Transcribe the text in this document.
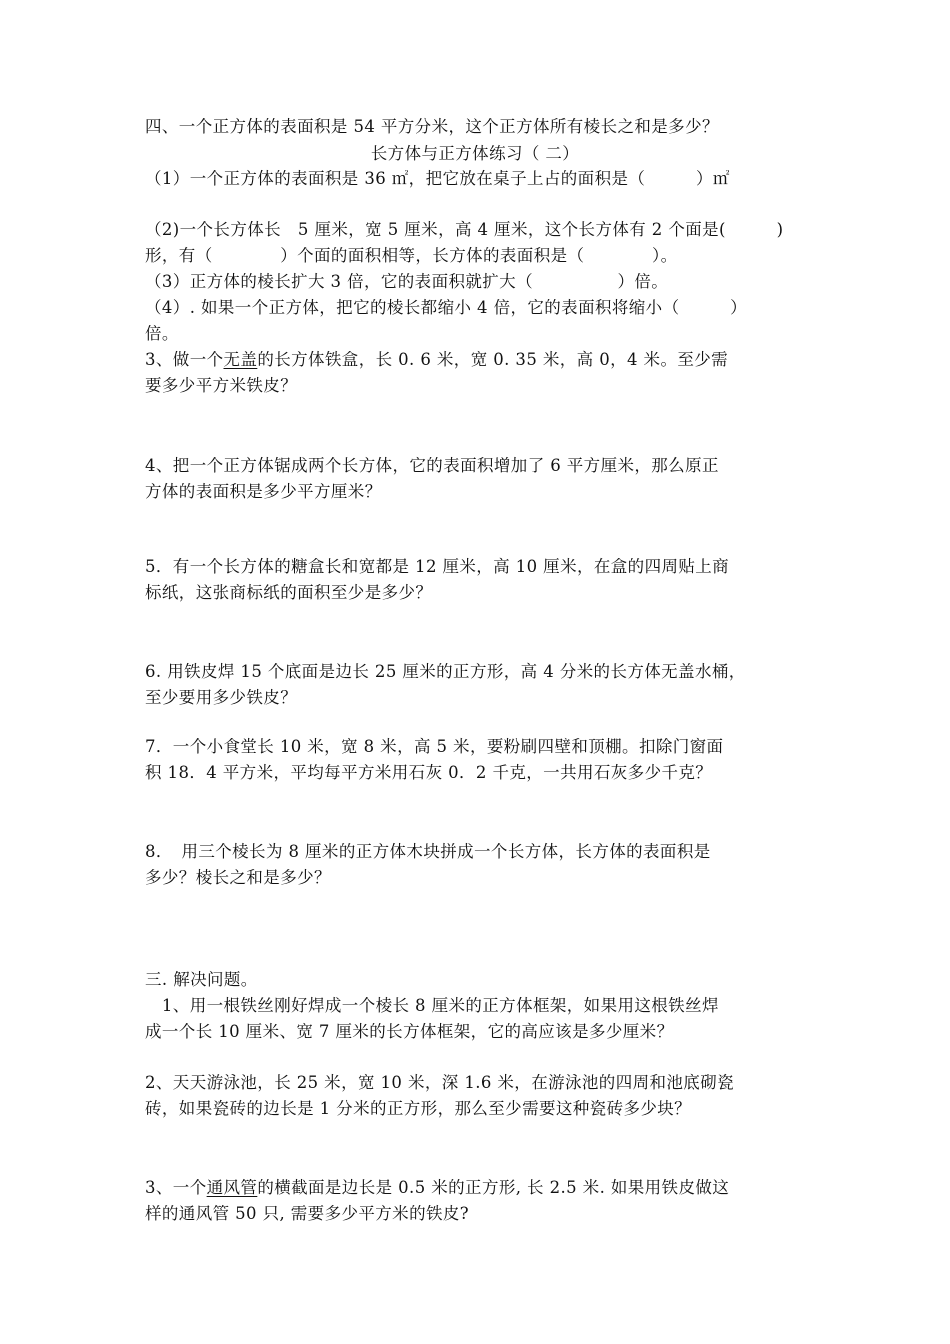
四、一个正方体的表面积是 54 平方分米，这个正方体所有棱长之和是多少？
长方体与正方体练习（ 二）
（1）一个正方体的表面积是 36 ㎡，把它放在桌子上占的面积是（　　　）㎡
（2)一个长方体长　5 厘米，宽 5 厘米，高 4 厘米，这个长方体有 2 个面是(　　　)
形，有（　　　　）个面的面积相等，长方体的表面积是（　　　　）。
（3）正方体的棱长扩大 3 倍，它的表面积就扩大（　　　　　）倍。
（4）. 如果一个正方体，把它的棱长都缩小 4 倍，它的表面积将缩小（　　　）
倍。
3、做一个无盖的长方体铁盒，长 0. 6 米，宽 0. 35 米，高 0，4 米。至少需
要多少平方米铁皮？
4、把一个正方体锯成两个长方体，它的表面积增加了 6 平方厘米，那么原正
方体的表面积是多少平方厘米？
5．有一个长方体的糖盒长和宽都是 12 厘米，高 10 厘米，在盒的四周贴上商
标纸，这张商标纸的面积至少是多少？
6. 用铁皮焊 15 个底面是边长 25 厘米的正方形，高 4 分米的长方体无盖水桶，
至少要用多少铁皮？
7．一个小食堂长 10 米，宽 8 米，高 5 米，要粉刷四壁和顶棚。扣除门窗面
积 18．4 平方米，平均每平方米用石灰 0．2 千克，一共用石灰多少千克？
8．　用三个棱长为 8 厘米的正方体木块拼成一个长方体，长方体的表面积是
多少？棱长之和是多少？
三. 解决问题。
　1、用一根铁丝刚好焊成一个棱长 8 厘米的正方体框架，如果用这根铁丝焊
成一个长 10 厘米、宽 7 厘米的长方体框架，它的高应该是多少厘米？
2、天天游泳池，长 25 米，宽 10 米，深 1.6 米，在游泳池的四周和池底砌瓷
砖，如果瓷砖的边长是 1 分米的正方形，那么至少需要这种瓷砖多少块？
3、一个通风管的横截面是边长是 0.5 米的正方形, 长 2.5 米. 如果用铁皮做这
样的通风管 50 只, 需要多少平方米的铁皮?
